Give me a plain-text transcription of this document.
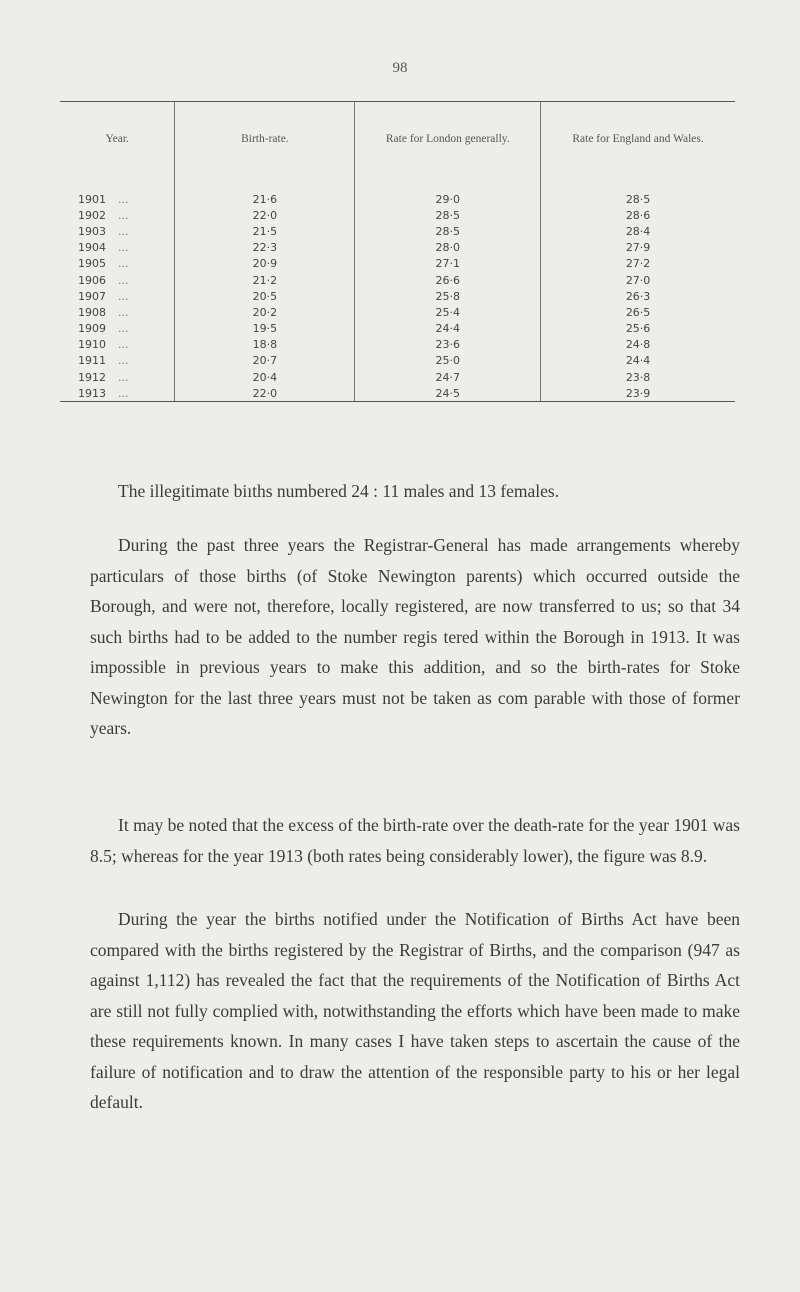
98
Year.	Birth-rate.	Rate for London generally.	Rate for England and Wales.
1901 ...	21·6	29·0	28·5
1902 ...	22·0	28·5	28·6
1903 ...	21·5	28·5	28·4
1904 ...	22·3	28·0	27·9
1905 ...	20·9	27·1	27·2
1906 ...	21·2	26·6	27·0
1907 ...	20·5	25·8	26·3
1908 ...	20·2	25·4	26·5
1909 ...	19·5	24·4	25·6
1910 ...	18·8	23·6	24·8
1911 ...	20·7	25·0	24·4
1912 ...	20·4	24·7	23·8
1913 ...	22·0	24·5	23·9

The illegitimate biıths numbered 24 : 11 males and 13 females.

During the past three years the Registrar-General has made arrangements whereby particulars of those births (of Stoke Newington parents) which occurred outside the Borough, and were not, therefore, locally registered, are now transferred to us; so that 34 such births had to be added to the number regis tered within the Borough in 1913. It was impossible in previous years to make this addition, and so the birth-rates for Stoke Newington for the last three years must not be taken as com parable with those of former years.

It may be noted that the excess of the birth-rate over the death-rate for the year 1901 was 8.5; whereas for the year 1913 (both rates being considerably lower), the figure was 8.9.

During the year the births notified under the Notification of Births Act have been compared with the births registered by the Registrar of Births, and the comparison (947 as against 1,112) has revealed the fact that the requirements of the Notification of Births Act are still not fully complied with, notwithstanding the efforts which have been made to make these requirements known. In many cases I have taken steps to ascertain the cause of the failure of notification and to draw the attention of the responsible party to his or her legal default.
